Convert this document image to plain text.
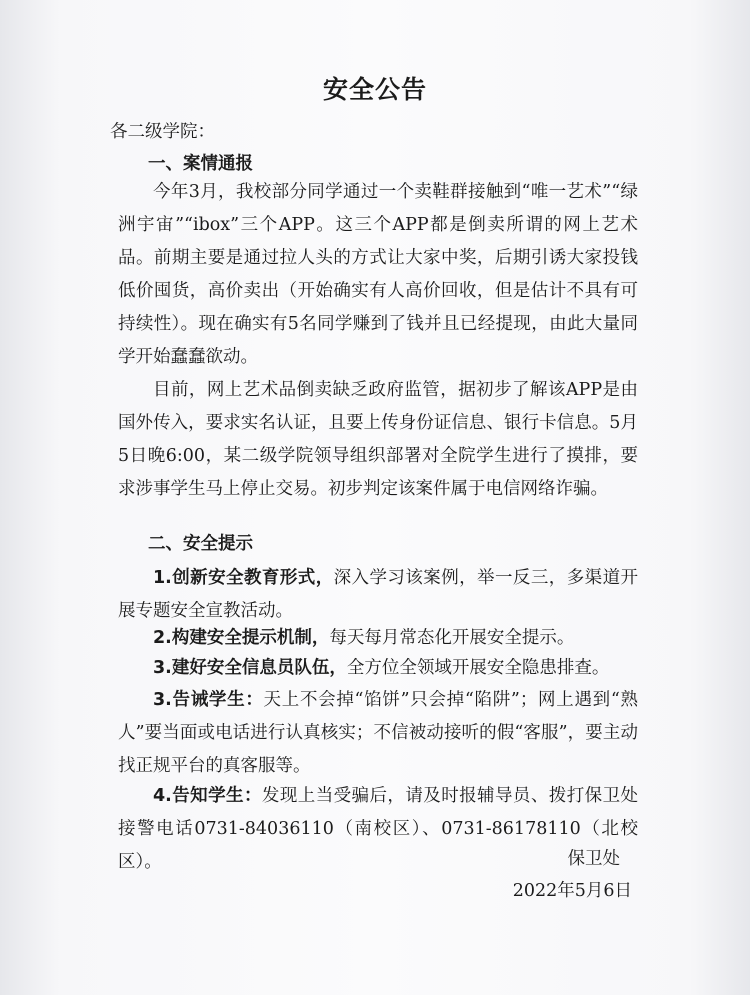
安全公告
各二级学院：
一、案情通报
今年3月，我校部分同学通过一个卖鞋群接触到“唯一艺术”“绿洲宇宙”“ibox”三个APP。这三个APP都是倒卖所谓的网上艺术品。前期主要是通过拉人头的方式让大家中奖，后期引诱大家投钱低价囤货，高价卖出（开始确实有人高价回收，但是估计不具有可持续性）。现在确实有5名同学赚到了钱并且已经提现，由此大量同学开始蠢蠢欲动。
目前，网上艺术品倒卖缺乏政府监管，据初步了解该APP是由国外传入，要求实名认证，且要上传身份证信息、银行卡信息。5月5日晚6:00，某二级学院领导组织部署对全院学生进行了摸排，要求涉事学生马上停止交易。初步判定该案件属于电信网络诈骗。
二、安全提示
1.创新安全教育形式，深入学习该案例，举一反三，多渠道开展专题安全宣教活动。
2.构建安全提示机制，每天每月常态化开展安全提示。
3.建好安全信息员队伍，全方位全领域开展安全隐患排查。
3.告诫学生：天上不会掉“馅饼”只会掉“陷阱”；网上遇到“熟人”要当面或电话进行认真核实；不信被动接听的假“客服”，要主动找正规平台的真客服等。
4.告知学生：发现上当受骗后，请及时报辅导员、拨打保卫处接警电话0731-84036110（南校区）、0731-86178110（北校区）。	保卫处
2022年5月6日
